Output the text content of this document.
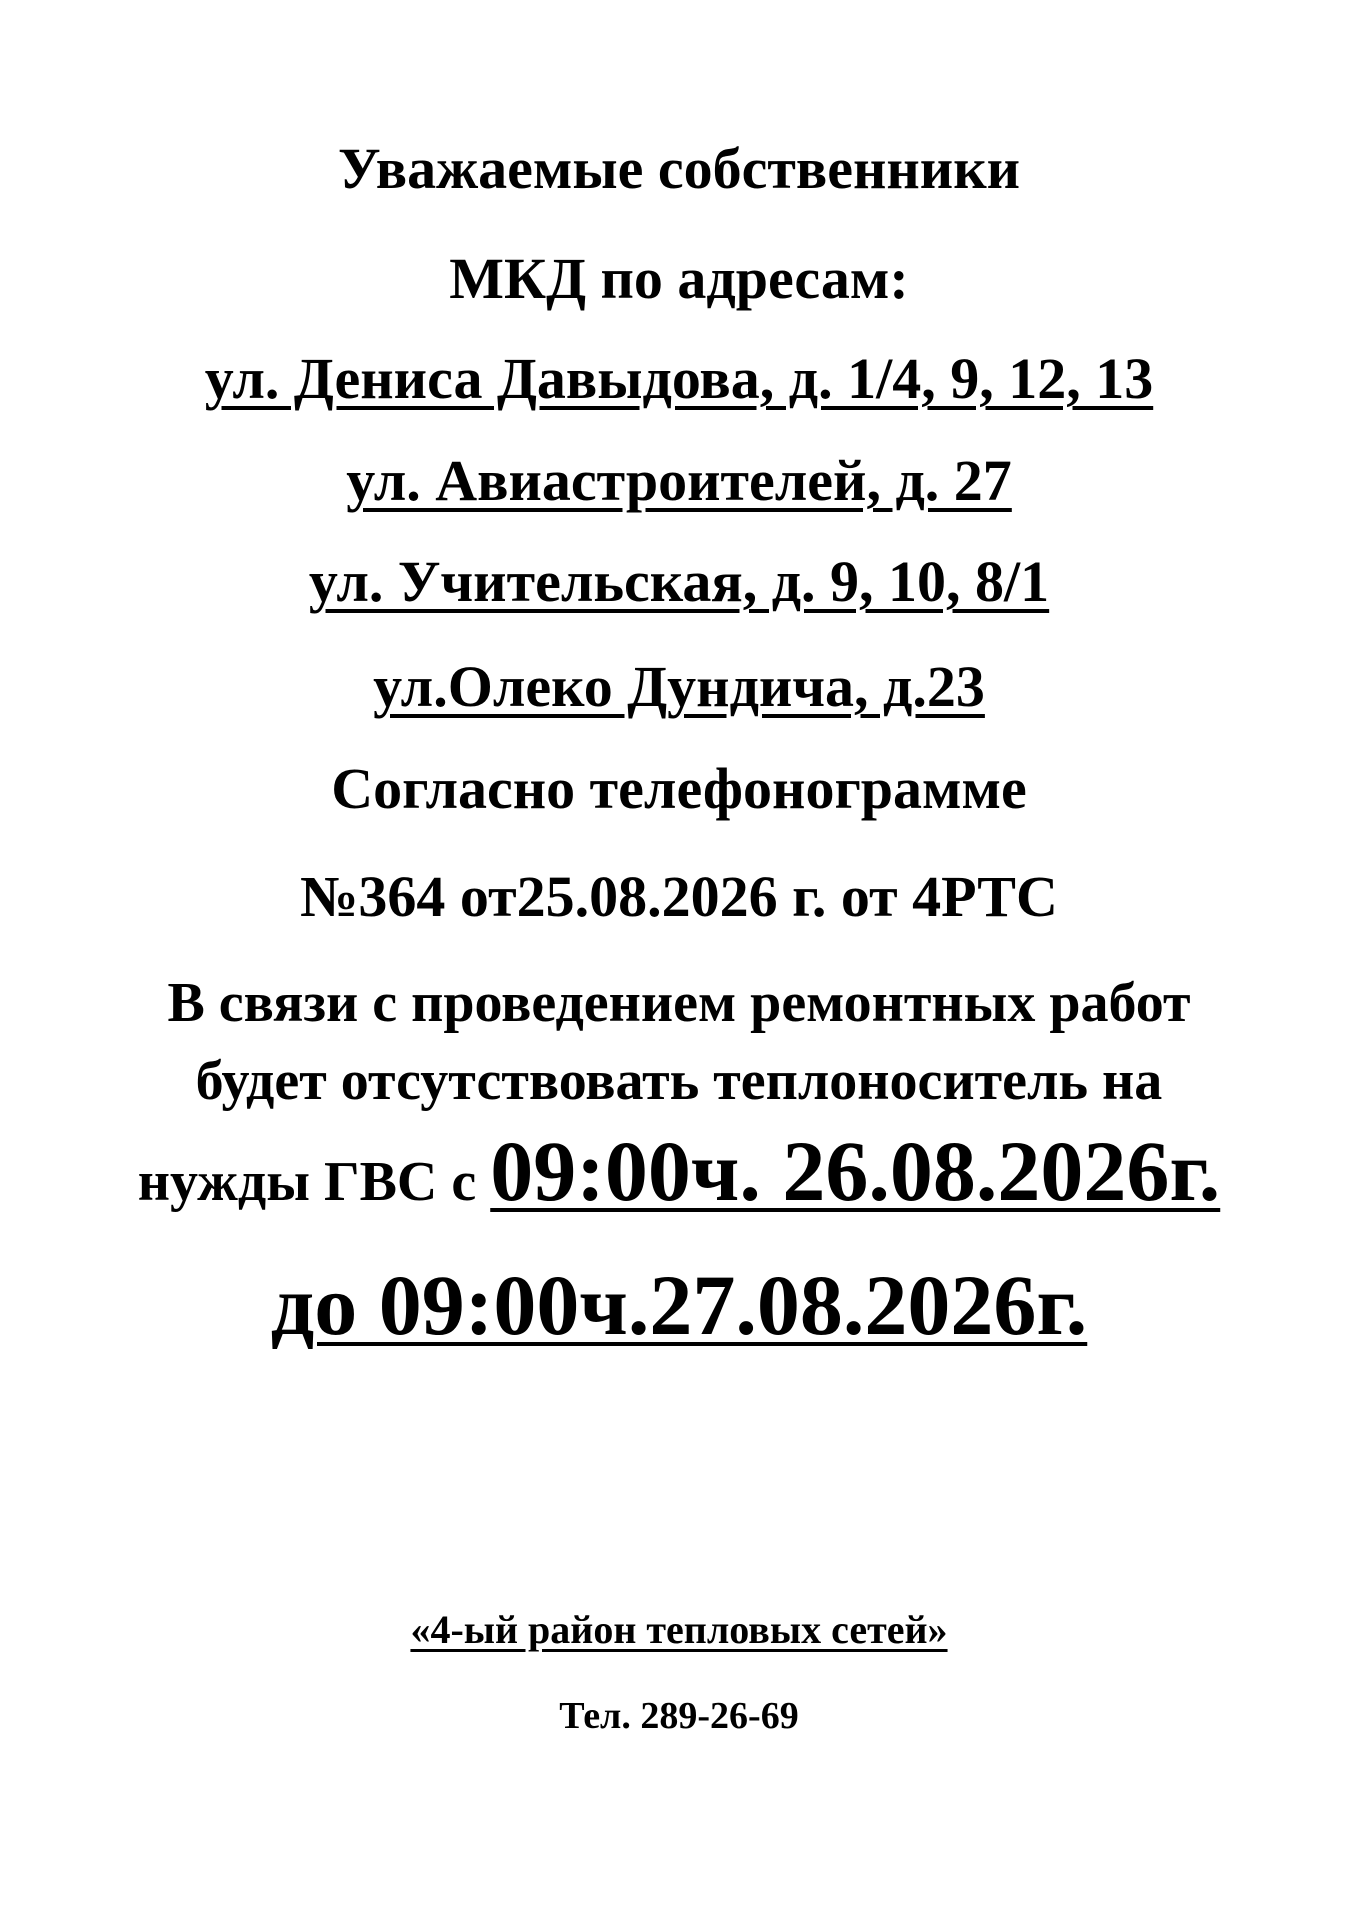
Уважаемые собственники
МКД по адресам:
ул. Дениса Давыдова, д. 1/4, 9, 12, 13
ул. Авиастроителей, д. 27
ул. Учительская, д. 9, 10, 8/1
ул.Олеко Дундича, д.23
Согласно телефонограмме
№364 от25.08.2026 г. от 4РТС
В связи с проведением ремонтных работ
будет отсутствовать теплоноситель на
нужды ГВС с 09:00ч. 26.08.2026г.
до 09:00ч.27.08.2026г.
«4-ый район тепловых сетей»
Тел. 289-26-69
